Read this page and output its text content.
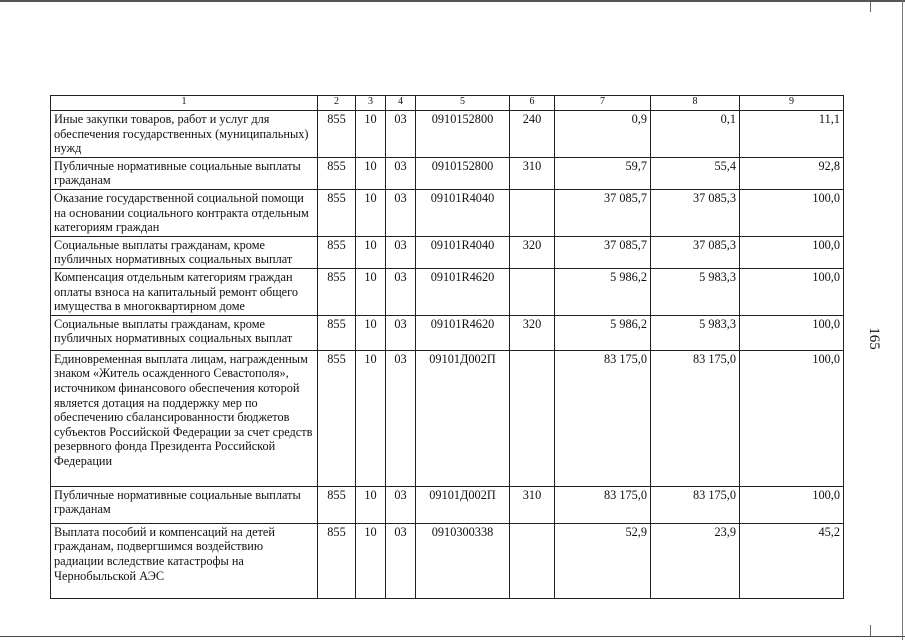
1	2	3	4	5	6	7	8	9
Иные закупки товаров, работ и услуг для обеспечения государственных (муниципальных) нужд	855	10	03	0910152800	240	0,9	0,1	11,1
Публичные нормативные социальные выплаты гражданам	855	10	03	0910152800	310	59,7	55,4	92,8
Оказание государственной социальной помощи на основании социального контракта отдельным категориям граждан	855	10	03	09101R4040		37 085,7	37 085,3	100,0
Социальные выплаты гражданам, кроме публичных нормативных социальных выплат	855	10	03	09101R4040	320	37 085,7	37 085,3	100,0
Компенсация отдельным категориям граждан оплаты взноса на капитальный ремонт общего имущества в многоквартирном доме	855	10	03	09101R4620		5 986,2	5 983,3	100,0
Социальные выплаты гражданам, кроме публичных нормативных социальных выплат	855	10	03	09101R4620	320	5 986,2	5 983,3	100,0
Единовременная выплата лицам, награжденным знаком «Житель осажденного Севастополя», источником финансового обеспечения которой является дотация на поддержку мер по обеспечению сбалансированности бюджетов субъектов Российской Федерации за счет средств резервного фонда Президента Российской Федерации	855	10	03	09101Д002П		83 175,0	83 175,0	100,0
Публичные нормативные социальные выплаты гражданам	855	10	03	09101Д002П	310	83 175,0	83 175,0	100,0
Выплата пособий и компенсаций на детей гражданам, подвергшимся воздействию радиации вследствие катастрофы на Чернобыльской АЭС	855	10	03	0910300338		52,9	23,9	45,2
165
